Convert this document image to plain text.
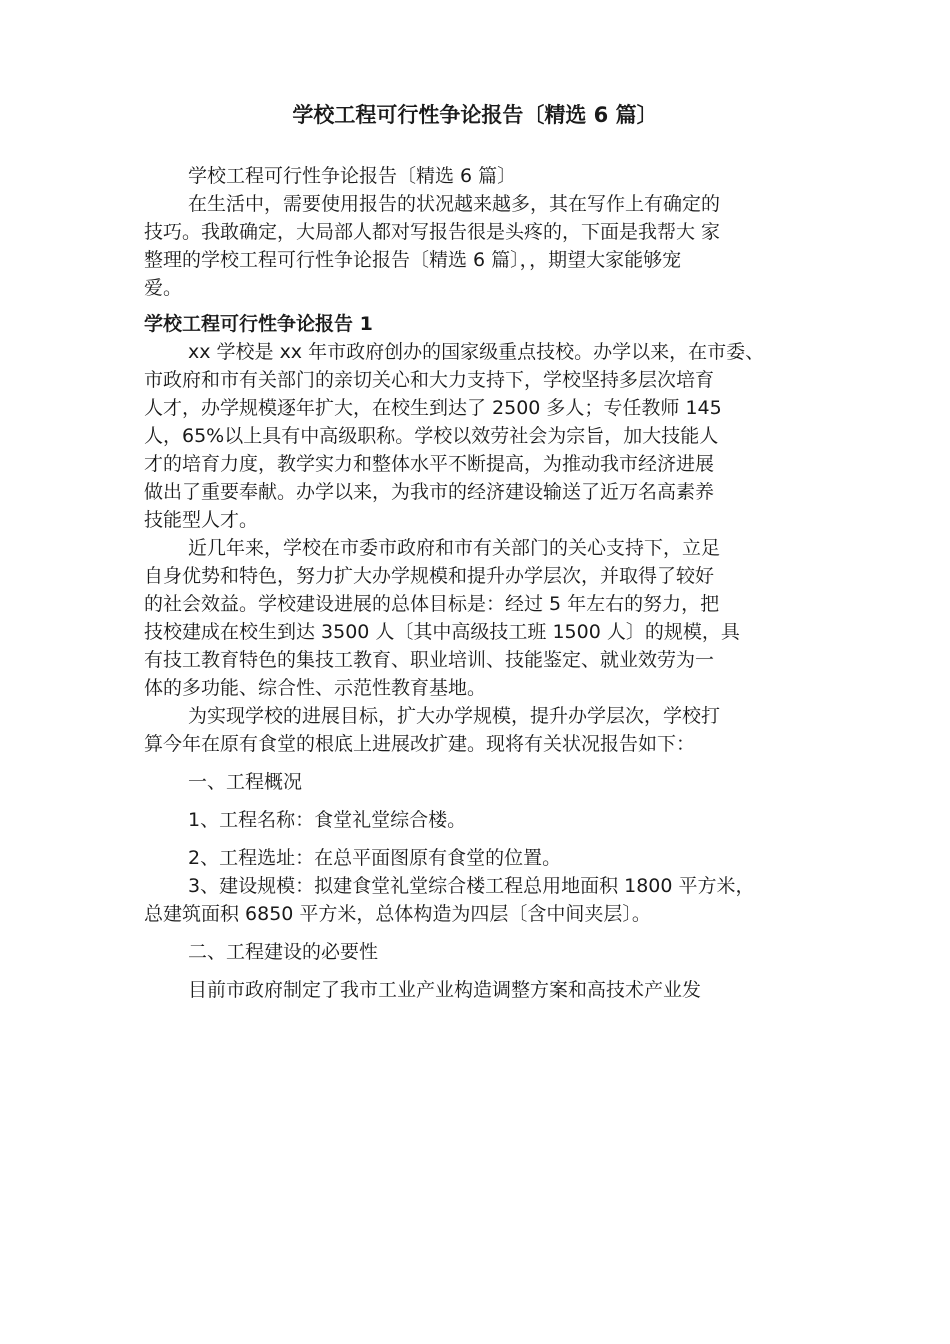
学校工程可行性争论报告〔精选 6 篇〕

学校工程可行性争论报告〔精选 6 篇〕

在生活中，需要使用报告的状况越来越多，其在写作上有确定的

技巧。我敢确定，大局部人都对写报告很是头疼的，下面是我帮大 家

整理的学校工程可行性争论报告〔精选 6 篇〕，，期望大家能够宠

爱。

学校工程可行性争论报告 1

xx 学校是 xx 年市政府创办的国家级重点技校。办学以来，在市委、

市政府和市有关部门的亲切关心和大力支持下，学校坚持多层次培育

人才，办学规模逐年扩大，在校生到达了 2500 多人；专任教师 145

人，65%以上具有中高级职称。学校以效劳社会为宗旨，加大技能人

才的培育力度，教学实力和整体水平不断提高，为推动我市经济进展

做出了重要奉献。办学以来，为我市的经济建设输送了近万名高素养

技能型人才。

近几年来，学校在市委市政府和市有关部门的关心支持下，立足

自身优势和特色，努力扩大办学规模和提升办学层次，并取得了较好

的社会效益。学校建设进展的总体目标是：经过 5 年左右的努力，把

技校建成在校生到达 3500 人〔其中高级技工班 1500 人〕的规模，具

有技工教育特色的集技工教育、职业培训、技能鉴定、就业效劳为一

体的多功能、综合性、示范性教育基地。

为实现学校的进展目标，扩大办学规模，提升办学层次，学校打

算今年在原有食堂的根底上进展改扩建。现将有关状况报告如下：

一、工程概况

1、工程名称：食堂礼堂综合楼。

2、工程选址：在总平面图原有食堂的位置。

3、建设规模：拟建食堂礼堂综合楼工程总用地面积 1800 平方米，

总建筑面积 6850 平方米，总体构造为四层〔含中间夹层〕。

二、工程建设的必要性

目前市政府制定了我市工业产业构造调整方案和高技术产业发
